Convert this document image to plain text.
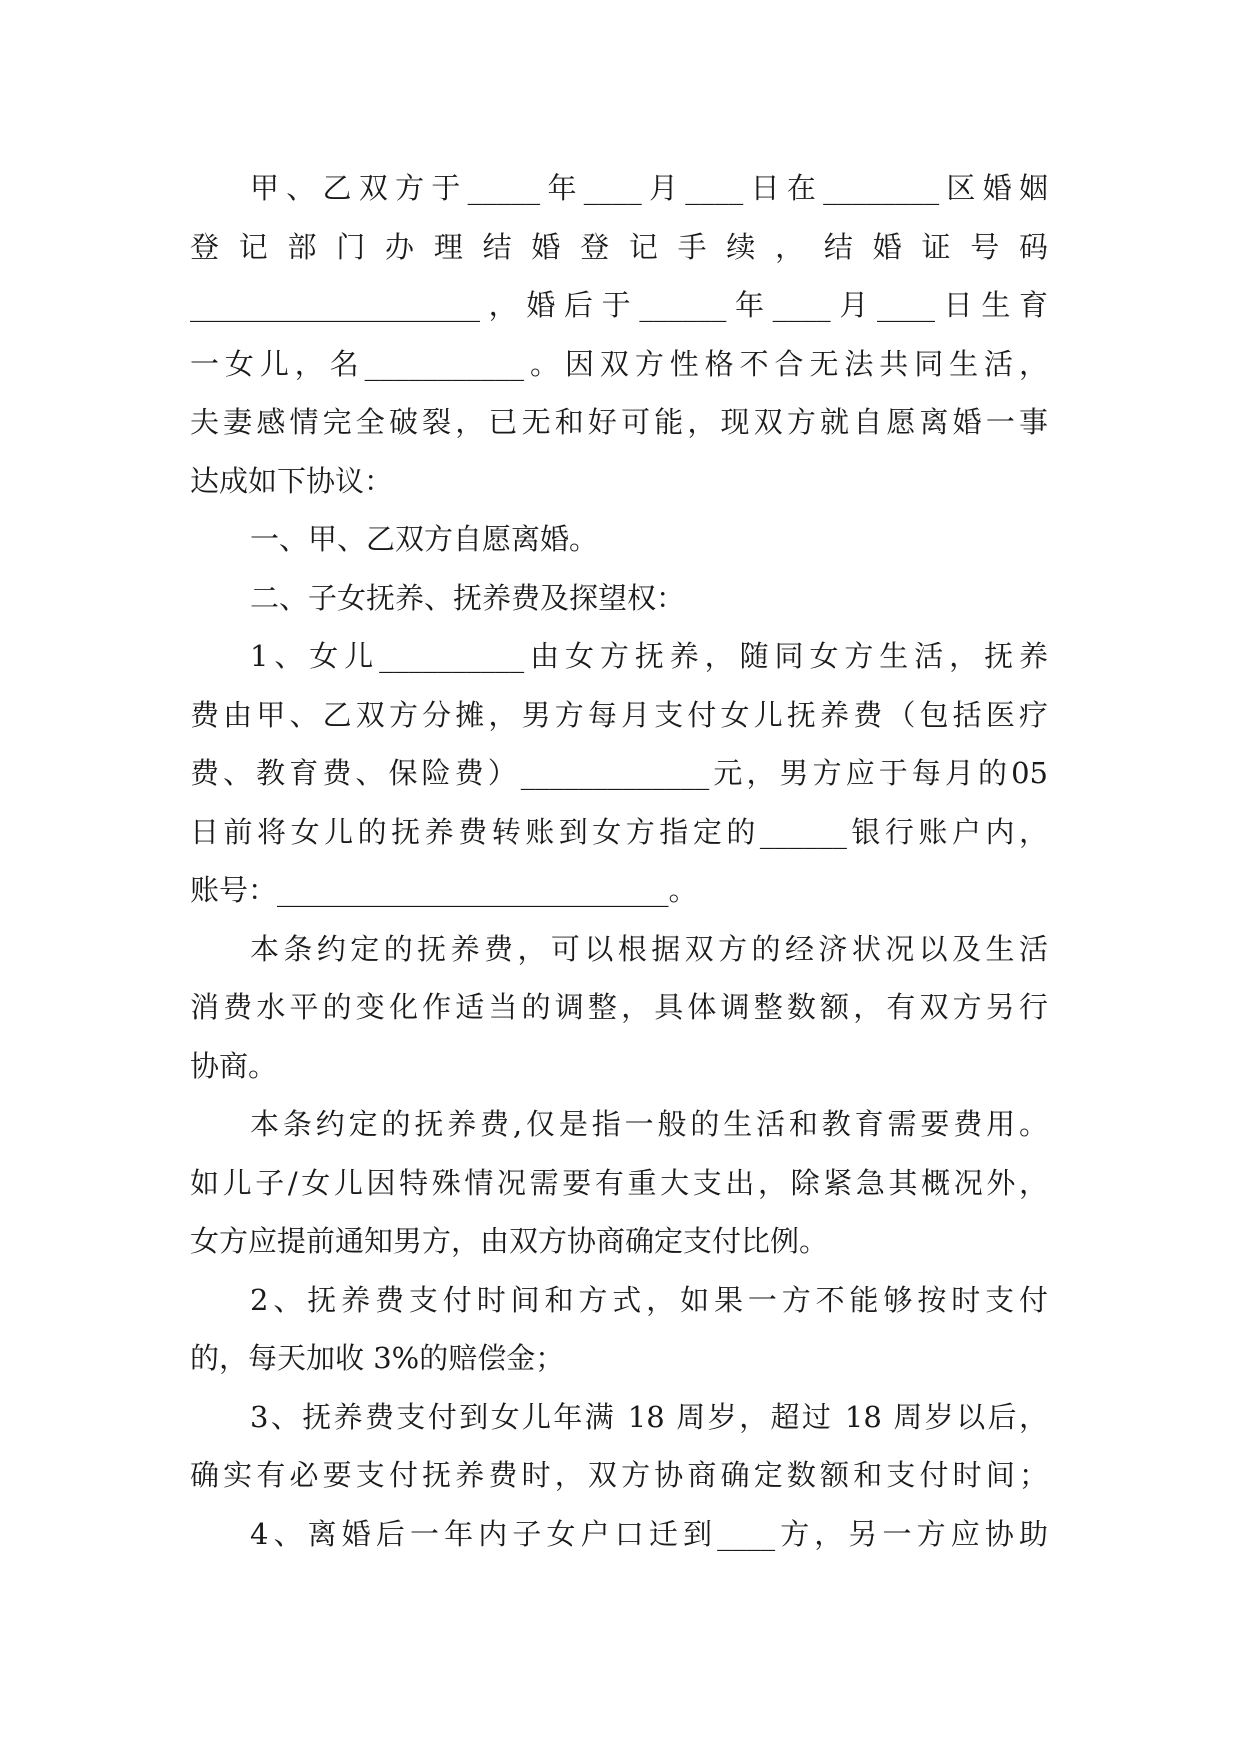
甲、乙双方于_____年____月____日在________区婚姻
登记部门办理结婚登记手续，结婚证号码
____________________，婚后于______年____月____日生育
一女儿，名___________。因双方性格不合无法共同生活，
夫妻感情完全破裂，已无和好可能，现双方就自愿离婚一事
达成如下协议：
一、甲、乙双方自愿离婚。
二、子女抚养、抚养费及探望权：
1、女儿__________由女方抚养，随同女方生活，抚养
费由甲、乙双方分摊，男方每月支付女儿抚养费（包括医疗
费、教育费、保险费）_____________元，男方应于每月的05
日前将女儿的抚养费转账到女方指定的______银行账户内，
账号：___________________________。
本条约定的抚养费，可以根据双方的经济状况以及生活
消费水平的变化作适当的调整，具体调整数额，有双方另行
协商。
本条约定的抚养费,仅是指一般的生活和教育需要费用。
如儿子/女儿因特殊情况需要有重大支出，除紧急其概况外，
女方应提前通知男方，由双方协商确定支付比例。
2、抚养费支付时间和方式，如果一方不能够按时支付
的，每天加收 3%的赔偿金；
3、抚养费支付到女儿年满 18 周岁，超过 18 周岁以后，
确实有必要支付抚养费时，双方协商确定数额和支付时间；
4、离婚后一年内子女户口迁到____方，另一方应协助
